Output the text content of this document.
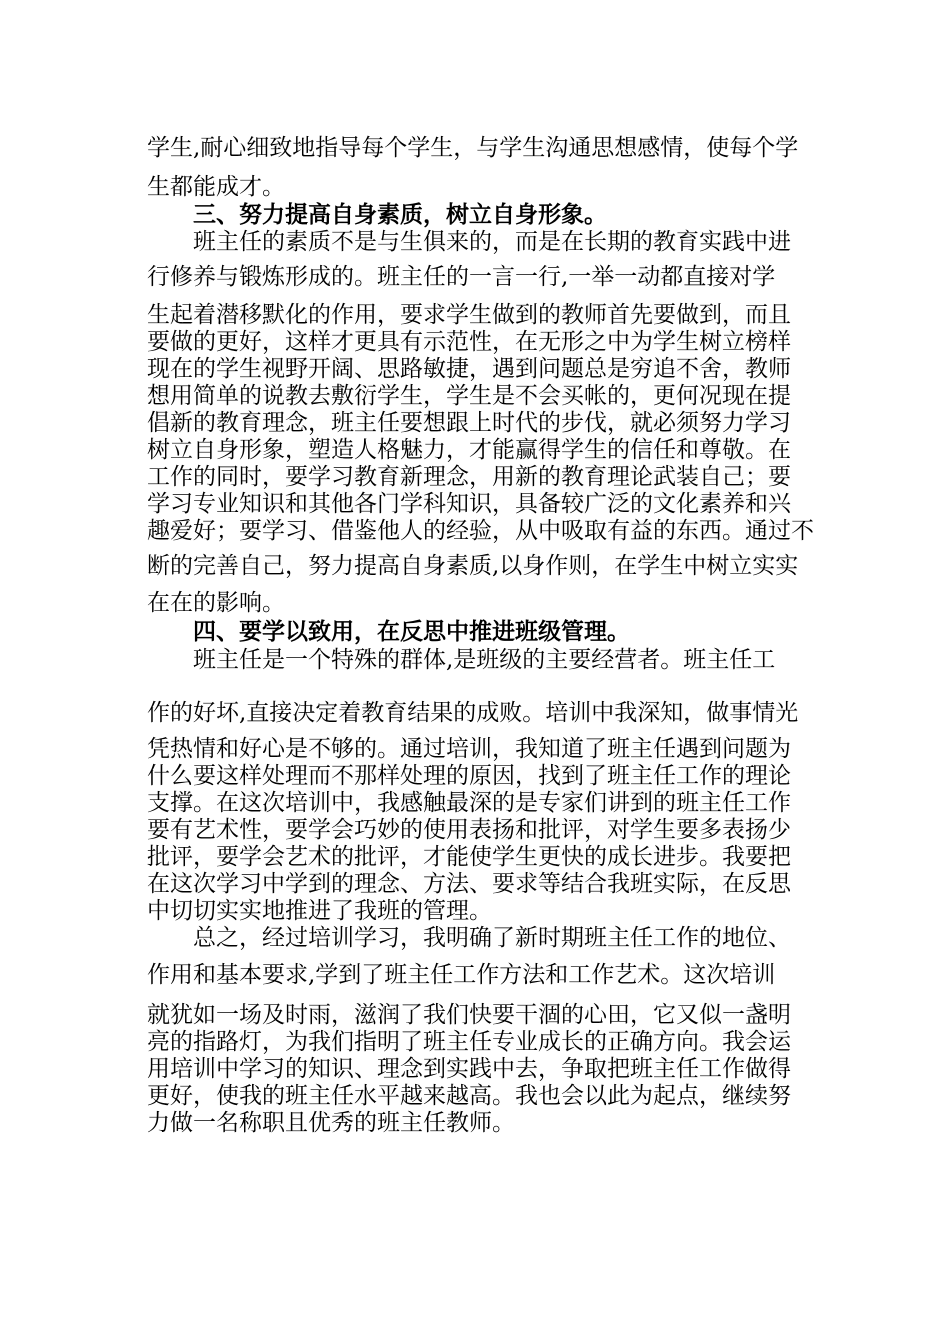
学生,耐心细致地指导每个学生，与学生沟通思想感情，使每个学

生都能成才。

三、努力提高自身素质，树立自身形象。

班主任的素质不是与生俱来的，而是在长期的教育实践中进

行修养与锻炼形成的。班主任的一言一行,一举一动都直接对学

生起着潜移默化的作用，要求学生做到的教师首先要做到，而且

要做的更好，这样才更具有示范性，在无形之中为学生树立榜样

现在的学生视野开阔、思路敏捷，遇到问题总是穷追不舍，教师

想用简单的说教去敷衍学生，学生是不会买帐的，更何况现在提

倡新的教育理念，班主任要想跟上时代的步伐，就必须努力学习

树立自身形象，塑造人格魅力，才能赢得学生的信任和尊敬。在

工作的同时，要学习教育新理念，用新的教育理论武装自己；要

学习专业知识和其他各门学科知识，具备较广泛的文化素养和兴

趣爱好；要学习、借鉴他人的经验，从中吸取有益的东西。通过不

断的完善自己，努力提高自身素质,以身作则，在学生中树立实实

在在的影响。

四、要学以致用，在反思中推进班级管理。

班主任是一个特殊的群体,是班级的主要经营者。班主任工

作的好坏,直接决定着教育结果的成败。培训中我深知，做事情光

凭热情和好心是不够的。通过培训，我知道了班主任遇到问题为

什么要这样处理而不那样处理的原因，找到了班主任工作的理论

支撑。在这次培训中，我感触最深的是专家们讲到的班主任工作

要有艺术性，要学会巧妙的使用表扬和批评，对学生要多表扬少

批评，要学会艺术的批评，才能使学生更快的成长进步。我要把

在这次学习中学到的理念、方法、要求等结合我班实际，在反思

中切切实实地推进了我班的管理。

总之，经过培训学习，我明确了新时期班主任工作的地位、

作用和基本要求,学到了班主任工作方法和工作艺术。这次培训

就犹如一场及时雨，滋润了我们快要干涸的心田，它又似一盏明

亮的指路灯，为我们指明了班主任专业成长的正确方向。我会运

用培训中学习的知识、理念到实践中去，争取把班主任工作做得

更好，使我的班主任水平越来越高。我也会以此为起点，继续努

力做一名称职且优秀的班主任教师。
